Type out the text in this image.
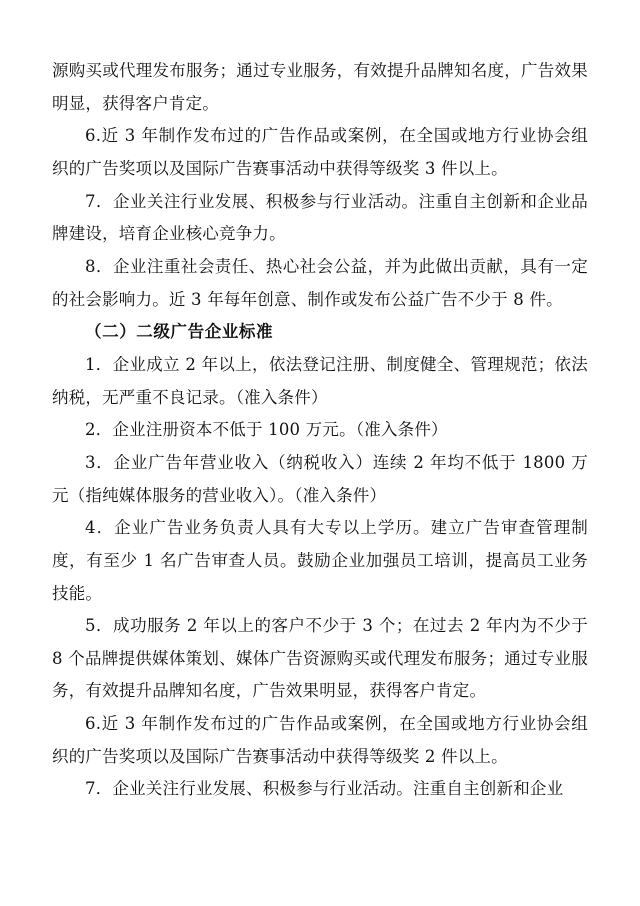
源购买或代理发布服务；通过专业服务，有效提升品牌知名度，广告效果明显，获得客户肯定。

6.近 3 年制作发布过的广告作品或案例，在全国或地方行业协会组织的广告奖项以及国际广告赛事活动中获得等级奖 3 件以上。

7．企业关注行业发展、积极参与行业活动。注重自主创新和企业品牌建设，培育企业核心竞争力。

8．企业注重社会责任、热心社会公益，并为此做出贡献，具有一定的社会影响力。近 3 年每年创意、制作或发布公益广告不少于 8 件。

（二）二级广告企业标准

1．企业成立 2 年以上，依法登记注册、制度健全、管理规范；依法纳税，无严重不良记录。（准入条件）

2．企业注册资本不低于 100 万元。（准入条件）

3．企业广告年营业收入（纳税收入）连续 2 年均不低于 1800 万元（指纯媒体服务的营业收入）。（准入条件）

4．企业广告业务负责人具有大专以上学历。建立广告审查管理制度，有至少 1 名广告审查人员。鼓励企业加强员工培训，提高员工业务技能。

5．成功服务 2 年以上的客户不少于 3 个；在过去 2 年内为不少于 8 个品牌提供媒体策划、媒体广告资源购买或代理发布服务；通过专业服务，有效提升品牌知名度，广告效果明显，获得客户肯定。

6.近 3 年制作发布过的广告作品或案例，在全国或地方行业协会组织的广告奖项以及国际广告赛事活动中获得等级奖 2 件以上。

7．企业关注行业发展、积极参与行业活动。注重自主创新和企业
